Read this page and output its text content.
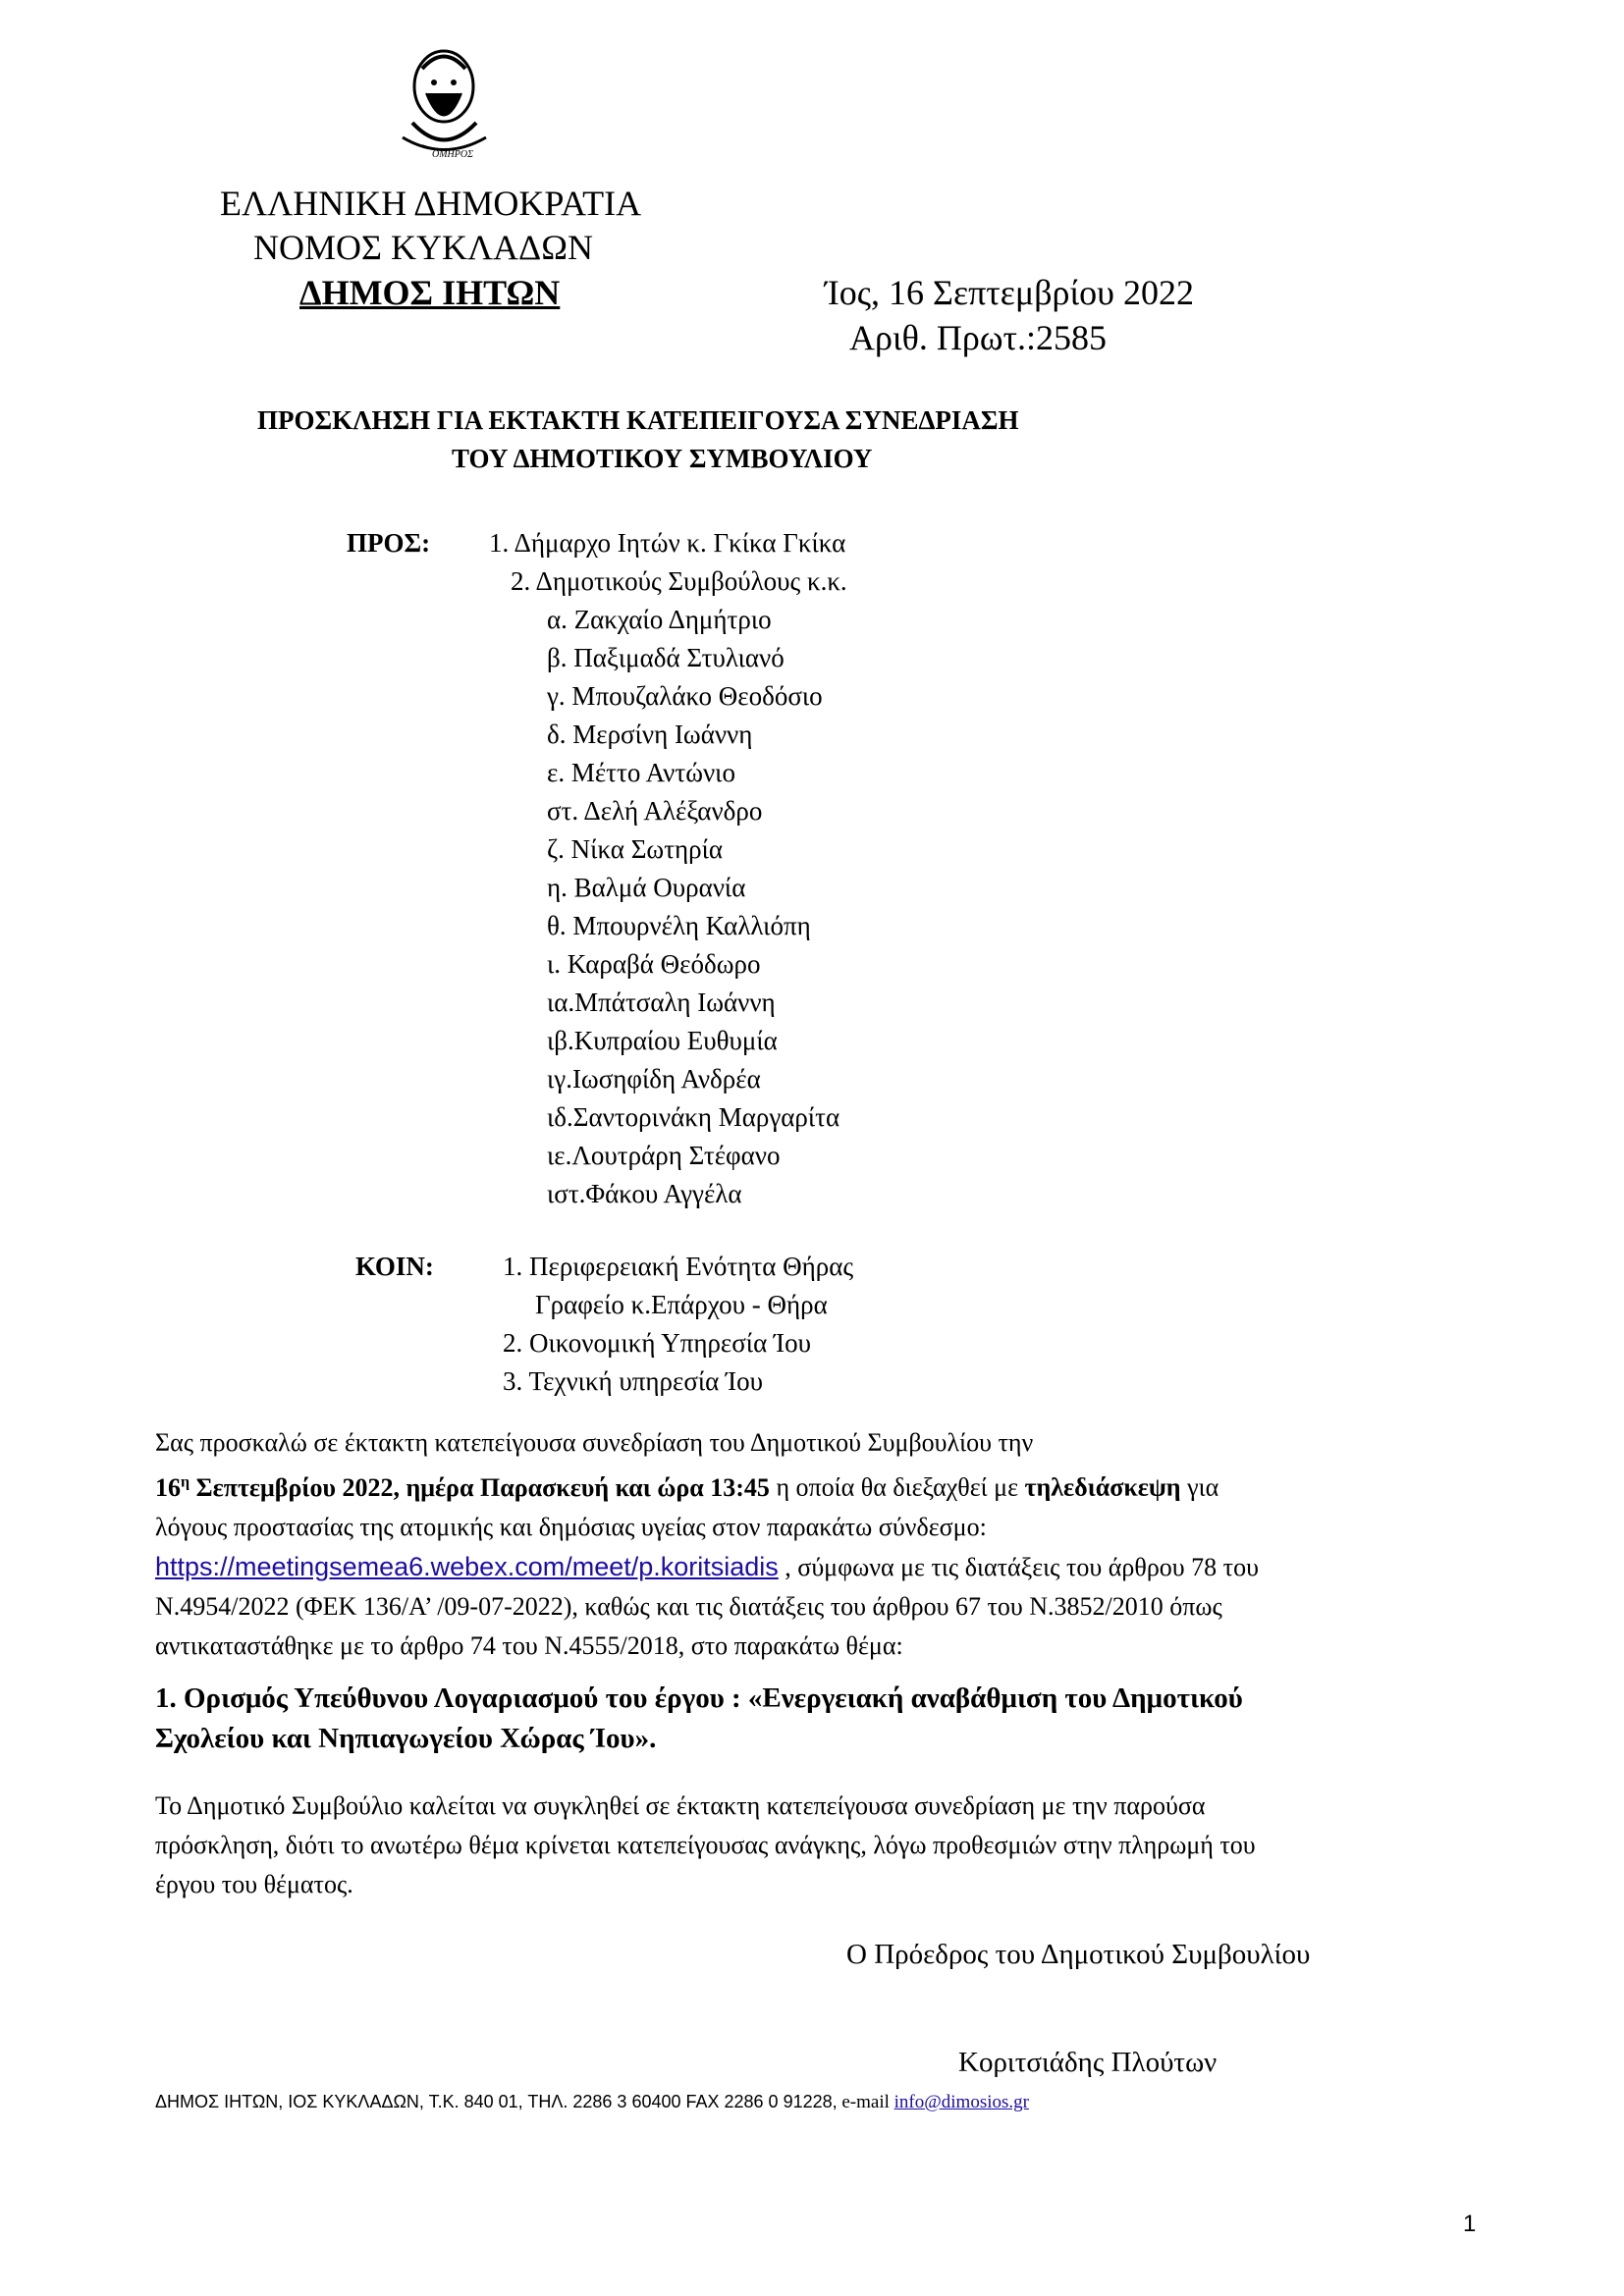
ΟΜΗΡΟΣ
ΕΛΛΗΝΙΚΗ ΔΗΜΟΚΡΑΤΙΑ
ΝΟΜΟΣ ΚΥΚΛΑΔΩΝ
ΔΗΜΟΣ ΙΗΤΩΝ	Ίος, 16 Σεπτεμβρίου 2022
Αριθ. Πρωτ.:2585
ΠΡΟΣΚΛΗΣΗ ΓΙΑ ΕΚΤΑΚΤΗ ΚΑΤΕΠΕΙΓΟΥΣΑ ΣΥΝΕΔΡΙΑΣΗ
ΤΟΥ ΔΗΜΟΤΙΚΟΥ ΣΥΜΒΟΥΛΙΟΥ
ΠΡΟΣ: 1. Δήμαρχο Ιητών κ. Γκίκα Γκίκα
2. Δημοτικούς Συμβούλους κ.κ.
α. Ζακχαίο Δημήτριο
β. Παξιμαδά Στυλιανό
γ. Μπουζαλάκο Θεοδόσιο
δ. Μερσίνη Ιωάννη
ε. Μέττο Αντώνιο
στ. Δελή Αλέξανδρο
ζ. Νίκα Σωτηρία
η. Βαλμά Ουρανία
θ. Μπουρνέλη Καλλιόπη
ι. Καραβά Θεόδωρο
ια.Μπάτσαλη Ιωάννη
ιβ.Κυπραίου Ευθυμία
ιγ.Ιωσηφίδη Ανδρέα
ιδ.Σαντορινάκη Μαργαρίτα
ιε.Λουτράρη Στέφανο
ιστ.Φάκου Αγγέλα
ΚΟΙΝ:	1. Περιφερειακή Ενότητα Θήρας
Γραφείο κ.Επάρχου - Θήρα
2. Οικονομική Υπηρεσία Ίου
3. Τεχνική υπηρεσία Ίου
Σας προσκαλώ σε έκτακτη κατεπείγουσα συνεδρίαση του Δημοτικού Συμβουλίου την
$16^\eta$ Σεπτεμβρίου 2022, ημέρα Παρασκευή και ώρα 13:45 η οποία θα διεξαχθεί με τηλεδιάσκεψη για
λόγους προστασίας της ατομικής και δημόσιας υγείας στον παρακάτω σύνδεσμο:
https://meetingsemea6.webex.com/meet/p.koritsiadis , σύμφωνα με τις διατάξεις του άρθρου 78 του
Ν.4954/2022 (ΦΕΚ 136/Α’ /09-07-2022), καθώς και τις διατάξεις του άρθρου 67 του Ν.3852/2010 όπως
αντικαταστάθηκε με το άρθρο 74 του Ν.4555/2018, στο παρακάτω θέμα:
1. Ορισμός Υπεύθυνου Λογαριασμού του έργου : «Ενεργειακή αναβάθμιση του Δημοτικού
Σχολείου και Νηπιαγωγείου Χώρας Ίου».
Το Δημοτικό Συμβούλιο καλείται να συγκληθεί σε έκτακτη κατεπείγουσα συνεδρίαση με την παρούσα
πρόσκληση, διότι το ανωτέρω θέμα κρίνεται κατεπείγουσας ανάγκης, λόγω προθεσμιών στην πληρωμή του
έργου του θέματος.
Ο Πρόεδρος του Δημοτικού Συμβουλίου
Κοριτσιάδης Πλούτων
ΔΗΜΟΣ ΙΗΤΩΝ, ΙΟΣ ΚΥΚΛΑΔΩΝ, Τ.Κ. 840 01, ΤΗΛ. 2286 3 60400 FAX 2286 0 91228, e-mail info@dimosios.gr
1
